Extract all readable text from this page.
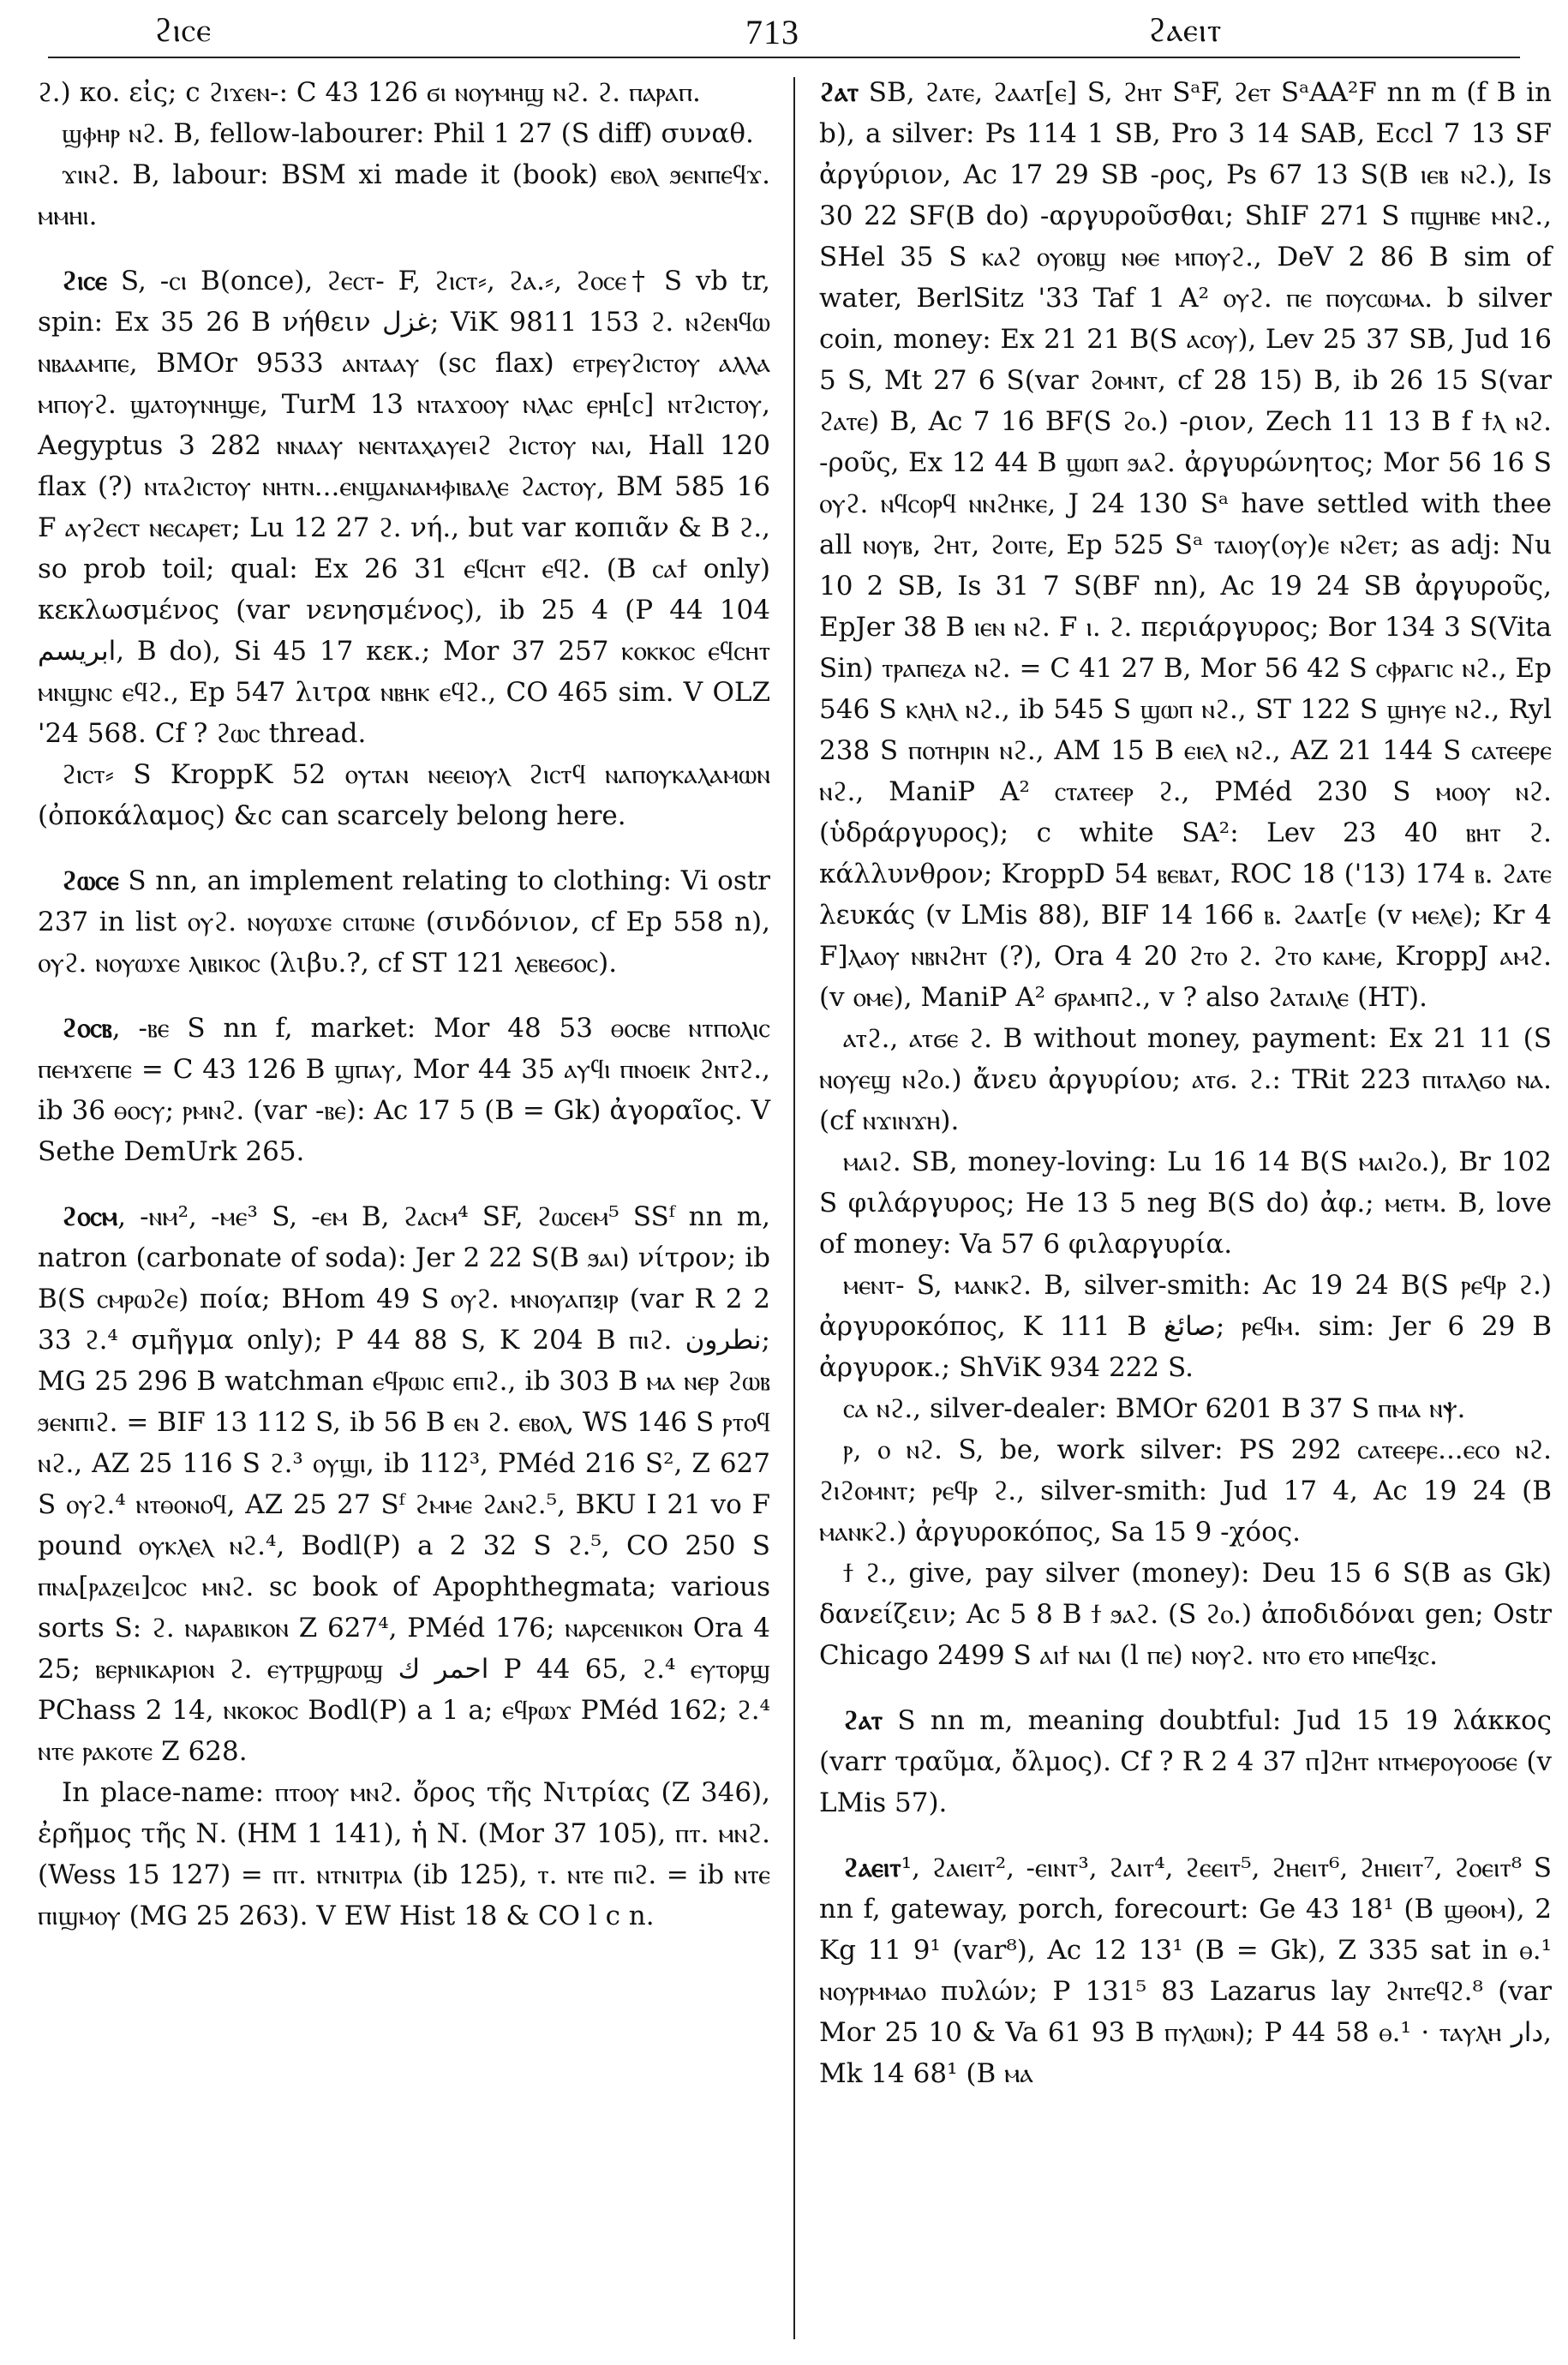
ϩⲓⲥⲉ	713	ϩⲁⲉⲓⲧ

ϩ.) κο. εἰς; c ϩⲓϫⲉⲛ-: C 43 126 ϭⲓ ⲛⲟⲩⲙⲏϣ ⲛϩ. ϩ. ⲡⲁⲣⲁⲡ.

ϣⲫⲏⲣ ⲛϩ. B, fellow-labourer: Phil 1 27 (S diff) συναθ.

ϫⲓⲛϩ. B, labour: BSM xi made it (book) ⲉⲃⲟⲗ ϧⲉⲛⲡⲉϥϫ. ⲙⲙⲏⲓ.

ϩⲓⲥⲉ S, -ⲥⲓ B(once), ϩⲉⲥⲧ- F, ϩⲓⲥⲧ⸗, ϩⲁ.⸗, ϩⲟⲥⲉ† S vb tr, spin: Ex 35 26 B νήθειν غزل; ViK 9811 153 ϩ. ⲛϩⲉⲛϥⲱ ⲛⲃⲁⲁⲙⲡⲉ, BMOr 9533 ⲁⲛⲧⲁⲁⲩ (sc flax) ⲉⲧⲣⲉⲩϩⲓⲥⲧⲟⲩ ⲁⲗⲗⲁ ⲙⲡⲟⲩϩ. ϣⲁⲧⲟⲩⲛⲏϣⲉ, TurM 13 ⲛⲧⲁϫⲟⲟⲩ ⲛⲗⲁⲥ ⲉⲣⲏ[ⲥ] ⲛⲧϩⲓⲥⲧⲟⲩ, Aegyptus 3 282 ⲛⲛⲁⲁⲩ ⲛⲉⲛⲧⲁⲭⲁⲩⲉⲓϩ ϩⲓⲥⲧⲟⲩ ⲛⲁⲓ, Hall 120 flax (?) ⲛⲧⲁϩⲓⲥⲧⲟⲩ ⲛⲏⲧⲛ...ⲉⲛϣⲁⲛⲁⲙⲫⲓⲃⲁⲗⲉ ϩⲁⲥⲧⲟⲩ, BM 585 16 F ⲁⲩϩⲉⲥⲧ ⲛⲉⲥⲁⲣⲉⲧ; Lu 12 27 ϩ. νή., but var κοπιᾶν & B ϩ., so prob toil; qual: Ex 26 31 ⲉϥⲥⲏⲧ ⲉϥϩ. (B ⲥⲁϯ only) κεκλωσμένος (var νενησμένος), ib 25 4 (P 44 104 ابريسم, B do), Si 45 17 κεκ.; Mor 37 257 ⲕⲟⲕⲕⲟⲥ ⲉϥⲥⲏⲧ ⲙⲛϣⲛⲥ ⲉϥϩ., Ep 547 λιτρα ⲛⲃⲏⲕ ⲉϥϩ., CO 465 sim. V OLZ '24 568. Cf ? ϩⲱⲥ thread.

ϩⲓⲥⲧ⸗ S KroppK 52 ⲟⲩⲧⲁⲛ ⲛⲉⲉⲓⲟⲩⲗ ϩⲓⲥⲧϥ ⲛⲁⲡⲟⲩⲕⲁⲗⲁⲙⲱⲛ (ὀποκάλαμος) &c can scarcely belong here.

ϩⲱⲥⲉ S nn, an implement relating to clothing: Vi ostr 237 in list ⲟⲩϩ. ⲛⲟⲩⲱϫⲉ ⲥⲓⲧⲱⲛⲉ (σινδόνιον, cf Ep 558 n), ⲟⲩϩ. ⲛⲟⲩⲱϫⲉ ⲗⲓⲃⲓⲕⲟⲥ (λιβυ.?, cf ST 121 ⲗⲉⲃⲉϭⲟⲥ).

ϩⲟⲥⲃ, -ⲃⲉ S nn f, market: Mor 48 53 ⲑⲟⲥⲃⲉ ⲛⲧⲡⲟⲗⲓⲥ ⲡⲉⲙϫⲉⲡⲉ = C 43 126 B ϣⲡⲁⲩ, Mor 44 35 ⲁⲩϥⲓ ⲡⲛⲟⲉⲓⲕ ϩⲛⲧϩ., ib 36 ⲑⲟⲥⲩ; ⲣⲙⲛϩ. (var -ⲃⲉ): Ac 17 5 (B = Gk) ἀγοραῖος. V Sethe DemUrk 265.

ϩⲟⲥⲙ, -ⲛⲙ², -ⲙⲉ³ S, -ⲉⲙ B, ϩⲁⲥⲙ⁴ SF, ϩⲱⲥⲉⲙ⁵ SSᶠ nn m, natron (carbonate of soda): Jer 2 22 S(B ϧⲁⲓ) νίτρον; ib B(S ⲥⲙⲣⲱϩⲉ) ποία; BHom 49 S ⲟⲩϩ. ⲙⲛⲟⲩⲁⲡⲝⲓⲣ (var R 2 2 33 ϩ.⁴ σμῆγμα only); P 44 88 S, K 204 B ⲡⲓϩ. نطرون; MG 25 296 B watchman ⲉϥⲣⲱⲓⲥ ⲉⲡⲓϩ., ib 303 B ⲙⲁ ⲛⲉⲣ ϩⲱⲃ ϧⲉⲛⲡⲓϩ. = BIF 13 112 S, ib 56 B ⲉⲛ ϩ. ⲉⲃⲟⲗ, WS 146 S ⲣⲧⲟϥ ⲛϩ., AZ 25 116 S ϩ.³ ⲟⲩϣⲓ, ib 112³, PMéd 216 S², Z 627 S ⲟⲩϩ.⁴ ⲛⲧⲑⲟⲛⲟϥ, AZ 25 27 Sᶠ ϩⲙⲙⲉ ϩⲁⲛϩ.⁵, BKU I 21 vo F pound ⲟⲩⲕⲗⲉⲗ ⲛϩ.⁴, Bodl(P) a 2 32 S ϩ.⁵, CO 250 S ⲡⲛⲁ[ⲣⲁⲍⲉⲓ]ⲥⲟⲥ ⲙⲛϩ. sc book of Apophthegmata; various sorts S: ϩ. ⲛⲁⲣⲁⲃⲓⲕⲟⲛ Z 627⁴, PMéd 176; ⲛⲁⲣⲥⲉⲛⲓⲕⲟⲛ Ora 4 25; ⲃⲉⲣⲛⲓⲕⲁⲣⲓⲟⲛ ϩ. ⲉⲩⲧⲣϣⲣⲱϣ احمر ك P 44 65, ϩ.⁴ ⲉⲩⲧⲟⲣϣ PChass 2 14, ⲛⲕⲟⲕⲟⲥ Bodl(P) a 1 a; ⲉϥⲣⲱϫ PMéd 162; ϩ.⁴ ⲛⲧⲉ ⲣⲁⲕⲟⲧⲉ Z 628.

In place-name: ⲡⲧⲟⲟⲩ ⲙⲛϩ. ὄρος τῆς Νιτρίας (Z 346), ἐρῆμος τῆς Ν. (HM 1 141), ἡ Ν. (Mor 37 105), ⲡⲧ. ⲙⲛϩ. (Wess 15 127) = ⲡⲧ. ⲛⲧⲛⲓⲧⲣⲓⲁ (ib 125), ⲧ. ⲛⲧⲉ ⲡⲓϩ. = ib ⲛⲧⲉ ⲡⲓϣⲙⲟⲩ (MG 25 263). V EW Hist 18 & CO l c n.

ϩⲁⲧ SB, ϩⲁⲧⲉ, ϩⲁⲁⲧ[ⲉ] S, ϩⲏⲧ SᵃF, ϩⲉⲧ SᵃAA²F nn m (f B in b), a silver: Ps 114 1 SB, Pro 3 14 SAB, Eccl 7 13 SF ἀργύριον, Ac 17 29 SB -ρος, Ps 67 13 S(B ⲓⲉⲃ ⲛϩ.), Is 30 22 SF(B do) -αργυροῦσθαι; ShIF 271 S ⲡϣⲏⲃⲉ ⲙⲛϩ., SHel 35 S ⲕⲁϩ ⲟⲩⲟⲃϣ ⲛⲑⲉ ⲙⲡⲟⲩϩ., DeV 2 86 B sim of water, BerlSitz '33 Taf 1 A² ⲟⲩϩ. ⲡⲉ ⲡⲟⲩⲥⲱⲙⲁ. b silver coin, money: Ex 21 21 B(S ⲁⲥⲟⲩ), Lev 25 37 SB, Jud 16 5 S, Mt 27 6 S(var ϩⲟⲙⲛⲧ, cf 28 15) B, ib 26 15 S(var ϩⲁⲧⲉ) B, Ac 7 16 BF(S ϩⲟ.) -ριον, Zech 11 13 B f ϯⲗ ⲛϩ. -ροῦς, Ex 12 44 B ϣⲱⲡ ϧⲁϩ. ἀργυρώνητος; Mor 56 16 S ⲟⲩϩ. ⲛϥⲥⲟⲣϥ ⲛⲛϩⲏⲕⲉ, J 24 130 Sᵃ have settled with thee all ⲛⲟⲩⲃ, ϩⲏⲧ, ϩⲟⲓⲧⲉ, Ep 525 Sᵃ ⲧⲁⲓⲟⲩ(ⲟⲩ)ⲉ ⲛϩⲉⲧ; as adj: Nu 10 2 SB, Is 31 7 S(BF nn), Ac 19 24 SB ἀργυροῦς, EpJer 38 B ⲓⲉⲛ ⲛϩ. F ⲓ. ϩ. περιάργυρος; Bor 134 3 S(Vita Sin) ⲧⲣⲁⲡⲉⲍⲁ ⲛϩ. = C 41 27 B, Mor 56 42 S ⲥⲫⲣⲁⲅⲓⲥ ⲛϩ., Ep 546 S ⲕⲗⲏⲗ ⲛϩ., ib 545 S ϣⲱⲡ ⲛϩ., ST 122 S ϣⲏⲩⲉ ⲛϩ., Ryl 238 S ⲡⲟⲧⲏⲣⲓⲛ ⲛϩ., AM 15 B ⲉⲓⲉⲗ ⲛϩ., AZ 21 144 S ⲥⲁⲧⲉⲉⲣⲉ ⲛϩ., ManiP A² ⲥⲧⲁⲧⲉⲉⲣ ϩ., PMéd 230 S ⲙⲟⲟⲩ ⲛϩ. (ὑδράργυρος); c white SA²: Lev 23 40 ⲃⲏⲧ ϩ. κάλλυνθρον; KroppD 54 ⲃⲉⲃⲁⲧ, ROC 18 ('13) 174 ⲃ. ϩⲁⲧⲉ λευκάς (v LMis 88), BIF 14 166 ⲃ. ϩⲁⲁⲧ[ⲉ (v ⲙⲉⲗⲉ); Kr 4 F]ⲗⲁⲟⲩ ⲛⲃⲛϩⲏⲧ (?), Ora 4 20 ϩⲧⲟ ϩ. ϩⲧⲟ ⲕⲁⲙⲉ, KroppJ ⲁⲙϩ. (v ⲟⲙⲉ), ManiP A² ϭⲣⲁⲙⲡϩ., v ? also ϩⲁⲧⲁⲓⲗⲉ (HT).

ⲁⲧϩ., ⲁⲧϭⲉ ϩ. B without money, payment: Ex 21 11 (S ⲛⲟⲩⲉϣ ⲛϩⲟ.) ἄνευ ἀργυρίου; ⲁⲧϭ. ϩ.: TRit 223 ⲡⲓⲧⲁⲗϭⲟ ⲛⲁ. (cf ⲛϫⲓⲛϫⲏ).

ⲙⲁⲓϩ. SB, money-loving: Lu 16 14 B(S ⲙⲁⲓϩⲟ.), Br 102 S φιλάργυρος; He 13 5 neg B(S do) ἀφ.; ⲙⲉⲧⲙ. B, love of money: Va 57 6 φιλαργυρία.

ⲙⲉⲛⲧ- S, ⲙⲁⲛⲕϩ. B, silver-smith: Ac 19 24 B(S ⲣⲉϥⲣ ϩ.) ἀργυροκόπος, K 111 B صائغ; ⲣⲉϥⲙ. sim: Jer 6 29 B ἀργυροκ.; ShViK 934 222 S.

ⲥⲁ ⲛϩ., silver-dealer: BMOr 6201 B 37 S ⲡⲙⲁ ⲛⲯ.

ⲣ, ⲟ ⲛϩ. S, be, work silver: PS 292 ⲥⲁⲧⲉⲉⲣⲉ...ⲉⲥⲟ ⲛϩ. ϩⲓϩⲟⲙⲛⲧ; ⲣⲉϥⲣ ϩ., silver-smith: Jud 17 4, Ac 19 24 (B ⲙⲁⲛⲕϩ.) ἀργυροκόπος, Sa 15 9 -χόος.

ϯ ϩ., give, pay silver (money): Deu 15 6 S(B as Gk) δανείζειν; Ac 5 8 B ϯ ϧⲁϩ. (S ϩⲟ.) ἀποδιδόναι gen; Ostr Chicago 2499 S ⲁⲓϯ ⲛⲁⲓ (l ⲡⲉ) ⲛⲟⲩϩ. ⲛⲧⲟ ⲉⲧⲟ ⲙⲡⲉϥⲝⲥ.

ϩⲁⲧ S nn m, meaning doubtful: Jud 15 19 λάκκος (varr τραῦμα, ὄλμος). Cf ? R 2 4 37 ⲡ]ϩⲏⲧ ⲛⲧⲙⲉⲣⲟⲩⲟⲟϭⲉ (v LMis 57).

ϩⲁⲉⲓⲧ¹, ϩⲁⲓⲉⲓⲧ², -ⲉⲓⲛⲧ³, ϩⲁⲓⲧ⁴, ϩⲉⲉⲓⲧ⁵, ϩⲏⲉⲓⲧ⁶, ϩⲏⲓⲉⲓⲧ⁷, ϩⲟⲉⲓⲧ⁸ S nn f, gateway, porch, forecourt: Ge 43 18¹ (B ϣⲑⲟⲙ), 2 Kg 11 9¹ (var⁸), Ac 12 13¹ (B = Gk), Z 335 sat in ⲑ.¹ ⲛⲟⲩⲣⲙⲙⲁⲟ πυλών; P 131⁵ 83 Lazarus lay ϩⲛⲧⲉϥϩ.⁸ (var Mor 25 10 & Va 61 93 B ⲡⲩⲗⲱⲛ); P 44 58 ⲑ.¹ · ⲧⲁⲩⲗⲏ دار, Mk 14 68¹ (B ⲙⲁ
